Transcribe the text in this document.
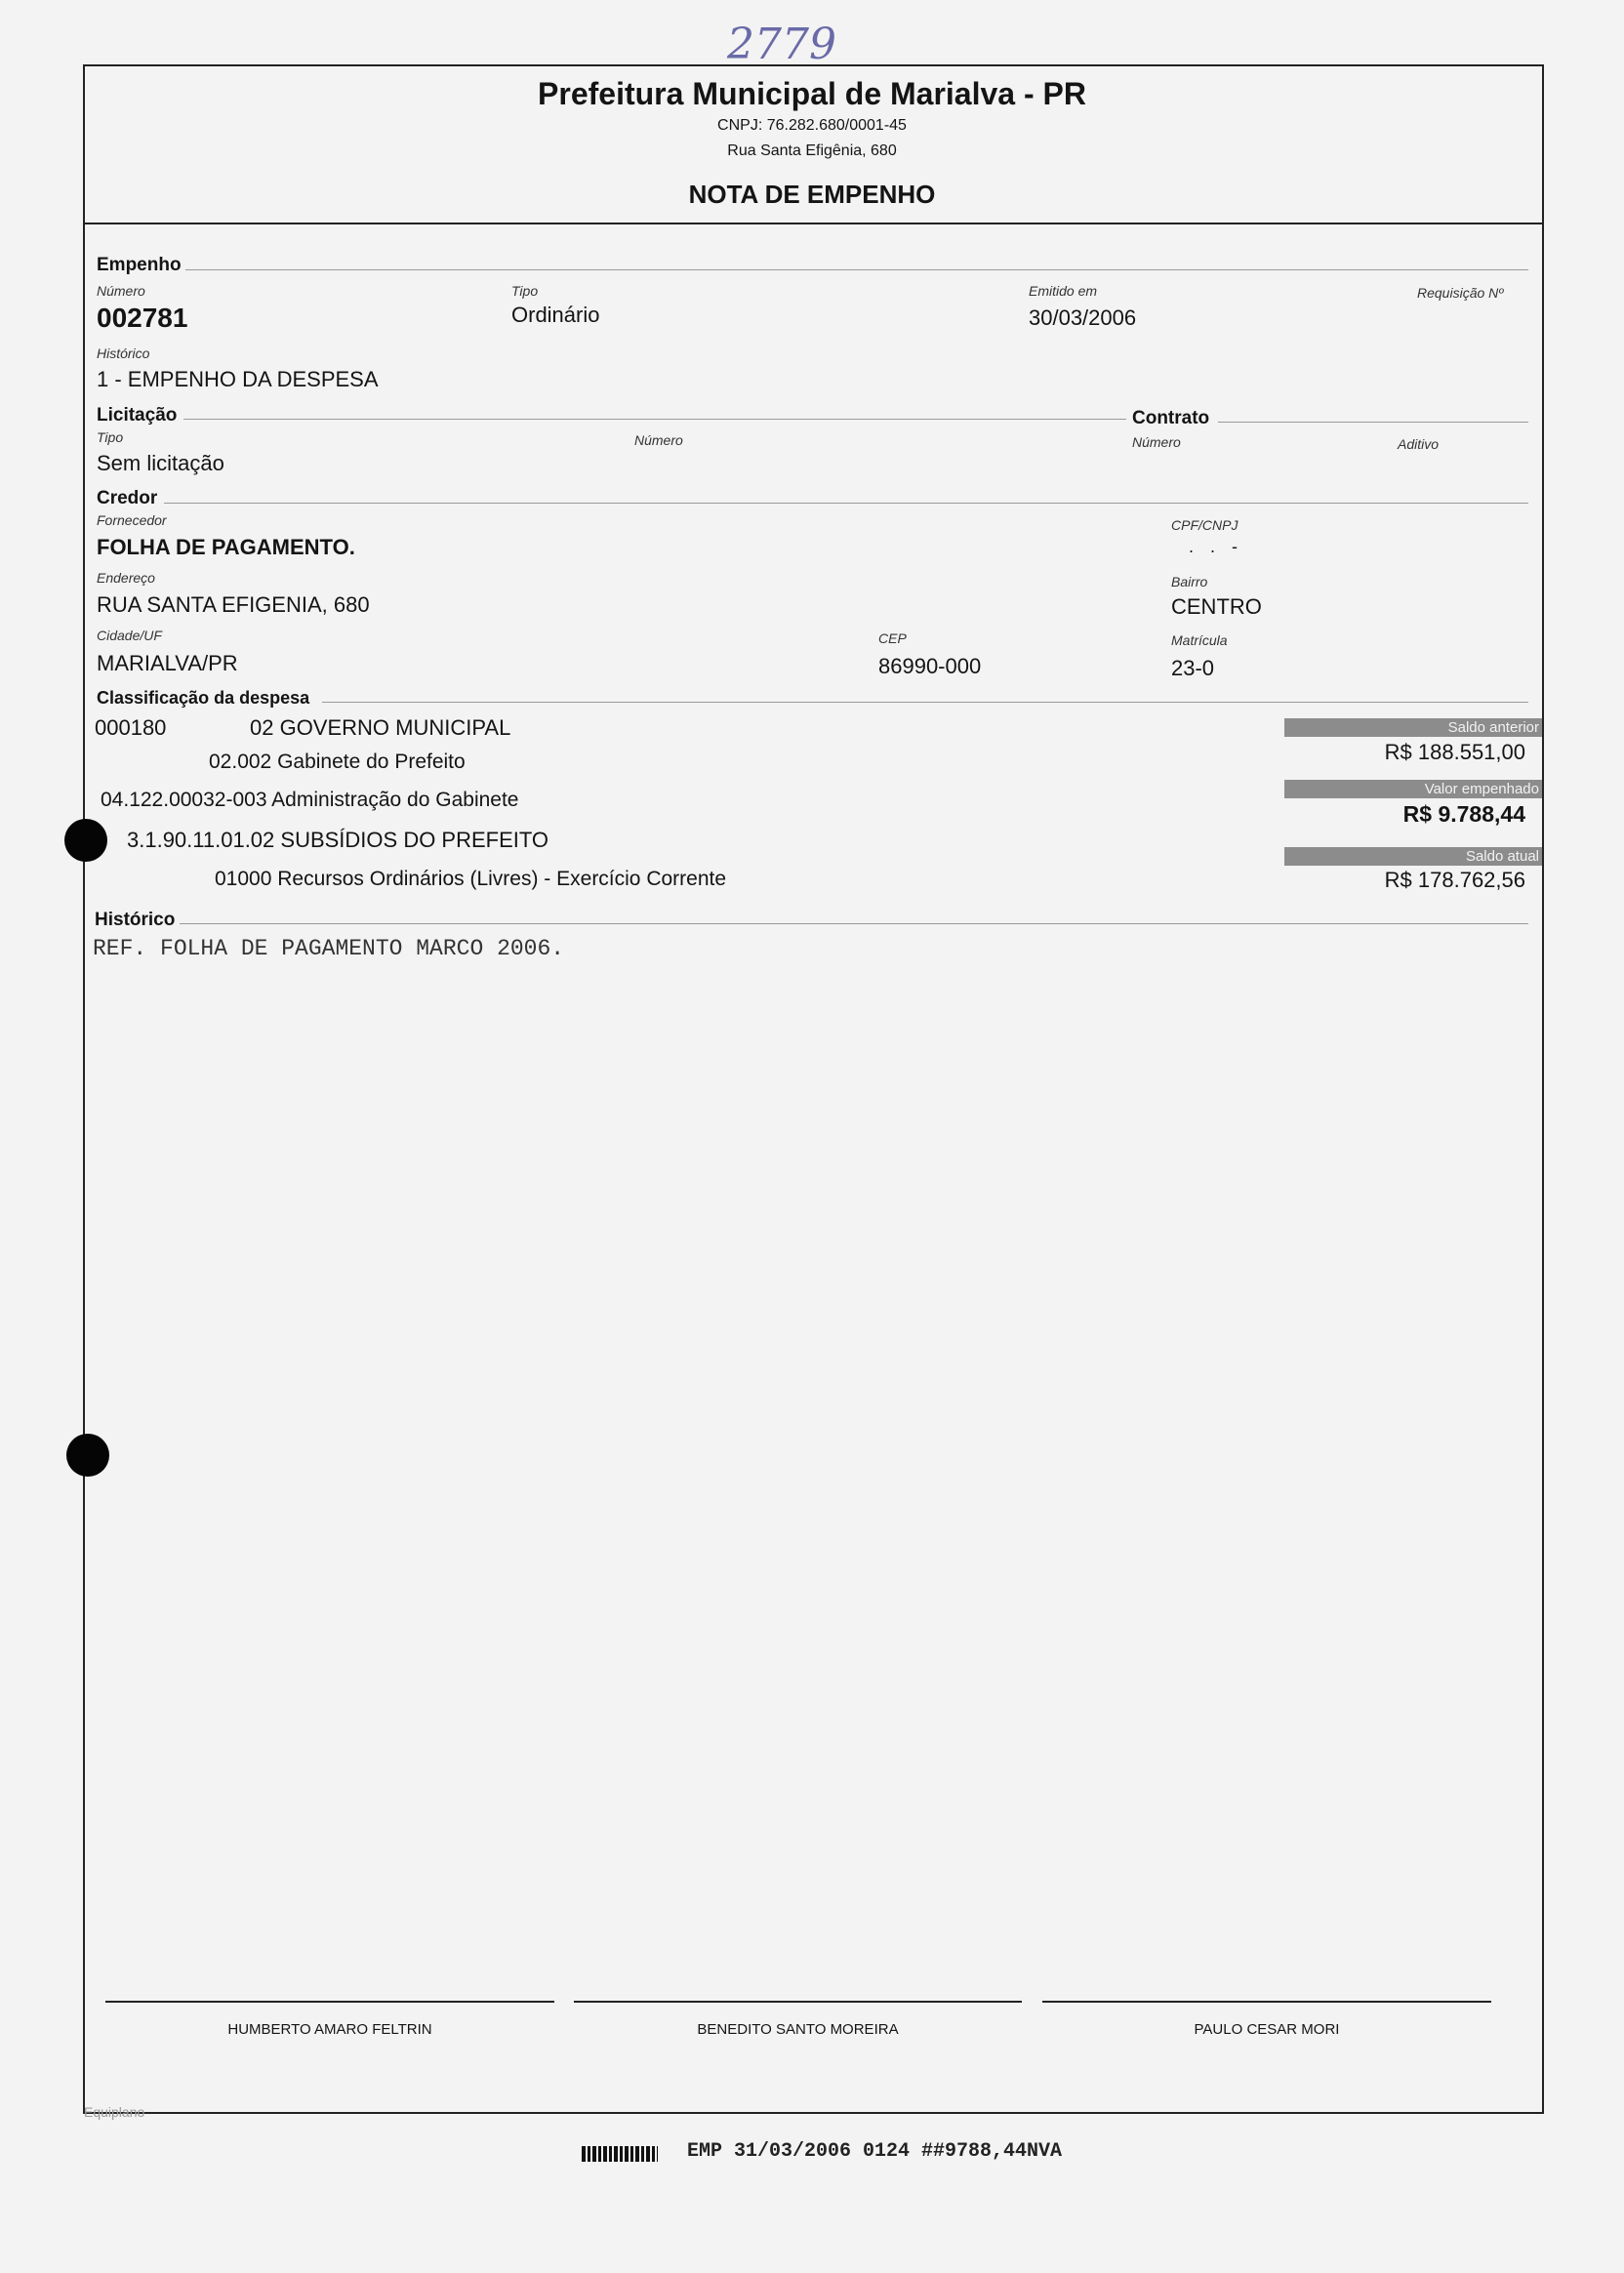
2779
Prefeitura Municipal de Marialva - PR
CNPJ: 76.282.680/0001-45
Rua Santa Efigênia, 680
NOTA DE EMPENHO
Empenho
Número
002781
Tipo
Ordinário
Emitido em
30/03/2006
Requisição Nº
Histórico
1 - EMPENHO DA DESPESA
Licitação	Contrato
Tipo
Sem licitação
Número	Número	Aditivo
Credor
Fornecedor
FOLHA DE PAGAMENTO.
CPF/CNPJ
. . -
Endereço
RUA SANTA EFIGENIA, 680
Bairro
CENTRO
Cidade/UF
MARIALVA/PR
CEP
86990-000
Matrícula
23-0
Classificação da despesa
000180	02 GOVERNO MUNICIPAL
02.002 Gabinete do Prefeito
04.122.00032-003 Administração do Gabinete
3.1.90.11.01.02 SUBSÍDIOS DO PREFEITO
01000 Recursos Ordinários (Livres) - Exercício Corrente
Saldo anterior
R$ 188.551,00
Valor empenhado
R$ 9.788,44
Saldo atual
R$ 178.762,56
Histórico
REF. FOLHA DE PAGAMENTO MARCO 2006.
HUMBERTO AMARO FELTRIN	BENEDITO SANTO MOREIRA	PAULO CESAR MORI
Equiplano
EMP 31/03/2006 0124 ##9788,44NVA
